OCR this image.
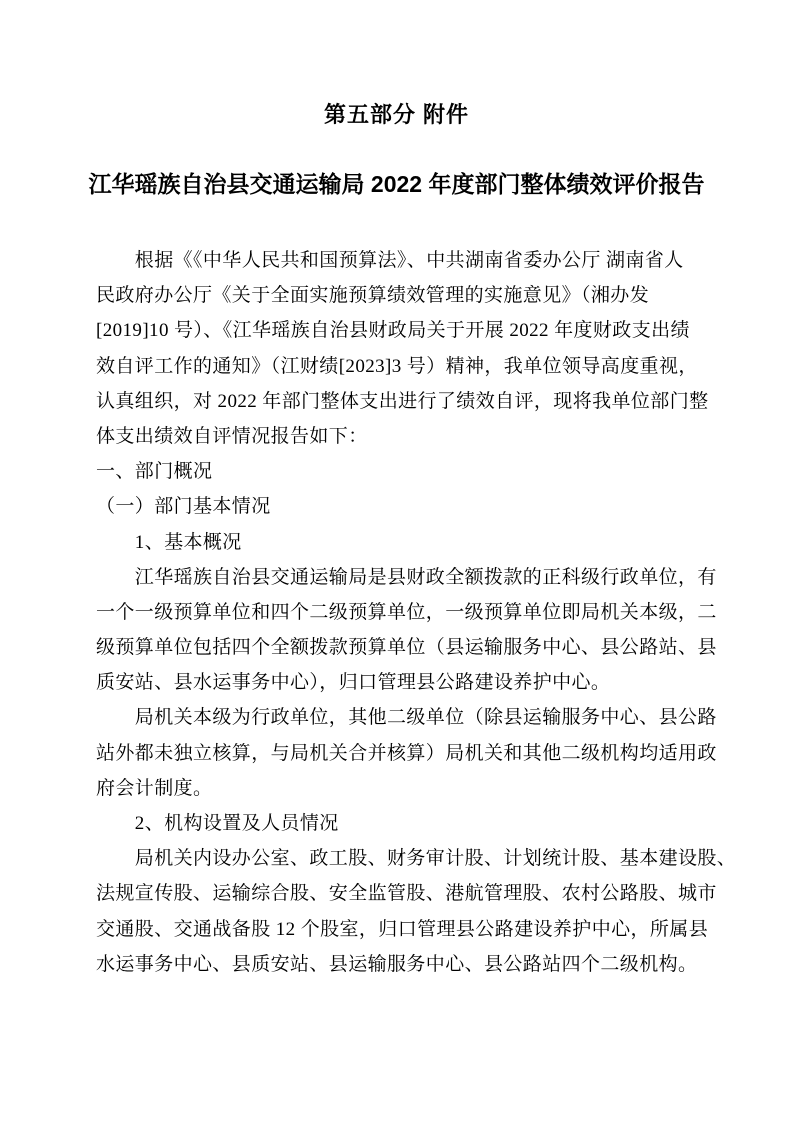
第五部分 附件
江华瑶族自治县交通运输局 2022 年度部门整体绩效评价报告
　　根据《《中华人民共和国预算法》、中共湖南省委办公厅 湖南省人
民政府办公厅《关于全面实施预算绩效管理的实施意见》（湘办发
[2019]10 号）、《江华瑶族自治县财政局关于开展 2022 年度财政支出绩
效自评工作的通知》（江财绩[2023]3 号）精神，我单位领导高度重视，
认真组织，对 2022 年部门整体支出进行了绩效自评，现将我单位部门整
体支出绩效自评情况报告如下：
一、部门概况
（一）部门基本情况
　　1、基本概况
　　江华瑶族自治县交通运输局是县财政全额拨款的正科级行政单位，有
一个一级预算单位和四个二级预算单位，一级预算单位即局机关本级，二
级预算单位包括四个全额拨款预算单位（县运输服务中心、县公路站、县
质安站、县水运事务中心），归口管理县公路建设养护中心。
　　局机关本级为行政单位，其他二级单位（除县运输服务中心、县公路
站外都未独立核算，与局机关合并核算）局机关和其他二级机构均适用政
府会计制度。
　　2、机构设置及人员情况
　　局机关内设办公室、政工股、财务审计股、计划统计股、基本建设股、
法规宣传股、运输综合股、安全监管股、港航管理股、农村公路股、城市
交通股、交通战备股 12 个股室，归口管理县公路建设养护中心，所属县
水运事务中心、县质安站、县运输服务中心、县公路站四个二级机构。
